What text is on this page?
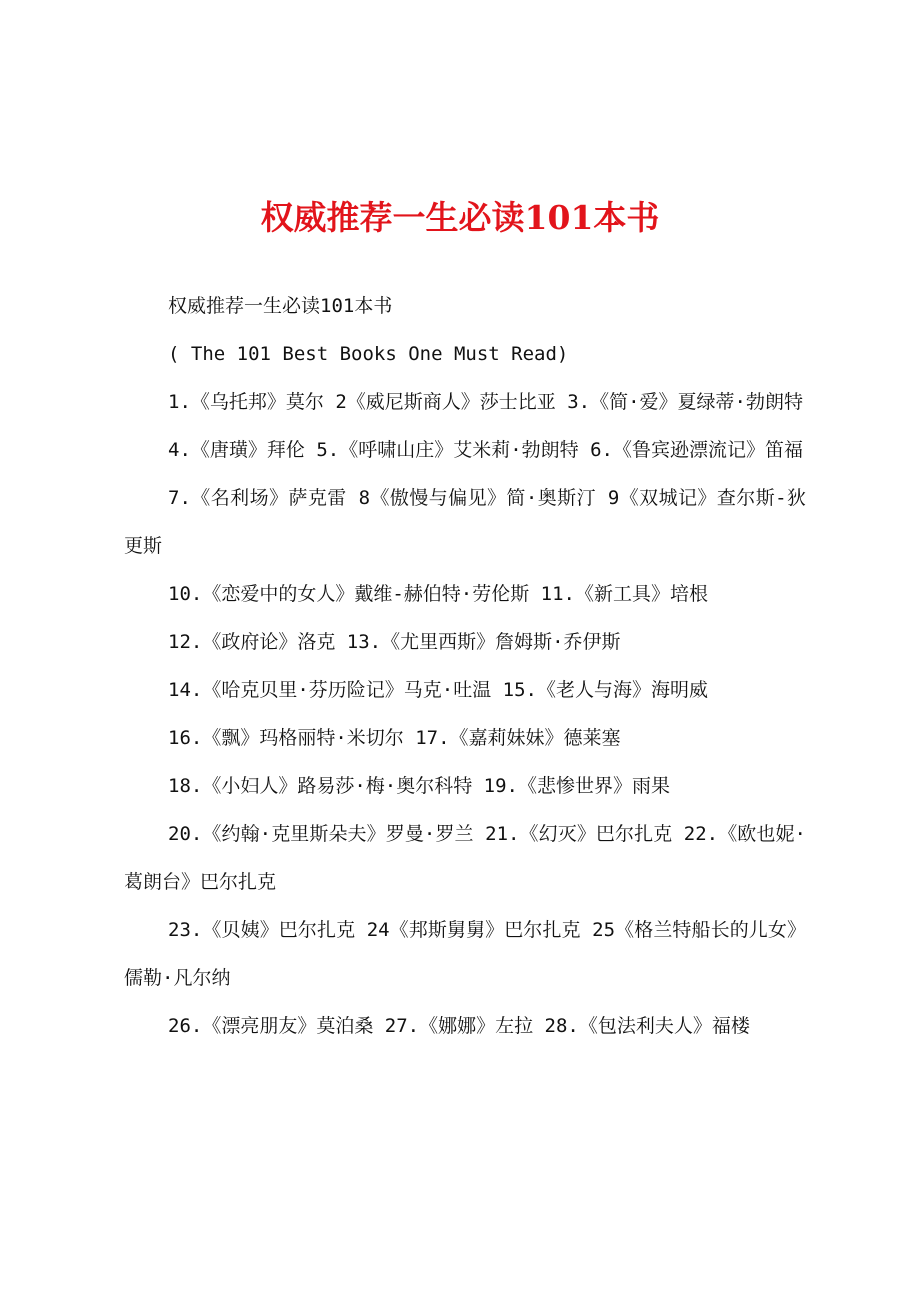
权威推荐一生必读101本书

权威推荐一生必读101本书

( The 101 Best Books One Must Read)

1.《乌托邦》莫尔 2《威尼斯商人》莎士比亚 3.《简·爱》夏绿蒂·勃朗特

4.《唐璜》拜伦 5.《呼啸山庄》艾米莉·勃朗特 6.《鲁宾逊漂流记》笛福

7.《名利场》萨克雷 8《傲慢与偏见》简·奥斯汀 9《双城记》查尔斯-狄更斯

10.《恋爱中的女人》戴维-赫伯特·劳伦斯 11.《新工具》培根

12.《政府论》洛克 13.《尤里西斯》詹姆斯·乔伊斯

14.《哈克贝里·芬历险记》马克·吐温 15.《老人与海》海明威

16.《飘》玛格丽特·米切尔 17.《嘉莉妹妹》德莱塞

18.《小妇人》路易莎·梅·奥尔科特 19.《悲惨世界》雨果

20.《约翰·克里斯朵夫》罗曼·罗兰 21.《幻灭》巴尔扎克 22.《欧也妮·葛朗台》巴尔扎克

23.《贝姨》巴尔扎克 24《邦斯舅舅》巴尔扎克 25《格兰特船长的儿女》儒勒·凡尔纳

26.《漂亮朋友》莫泊桑 27.《娜娜》左拉 28.《包法利夫人》福楼
